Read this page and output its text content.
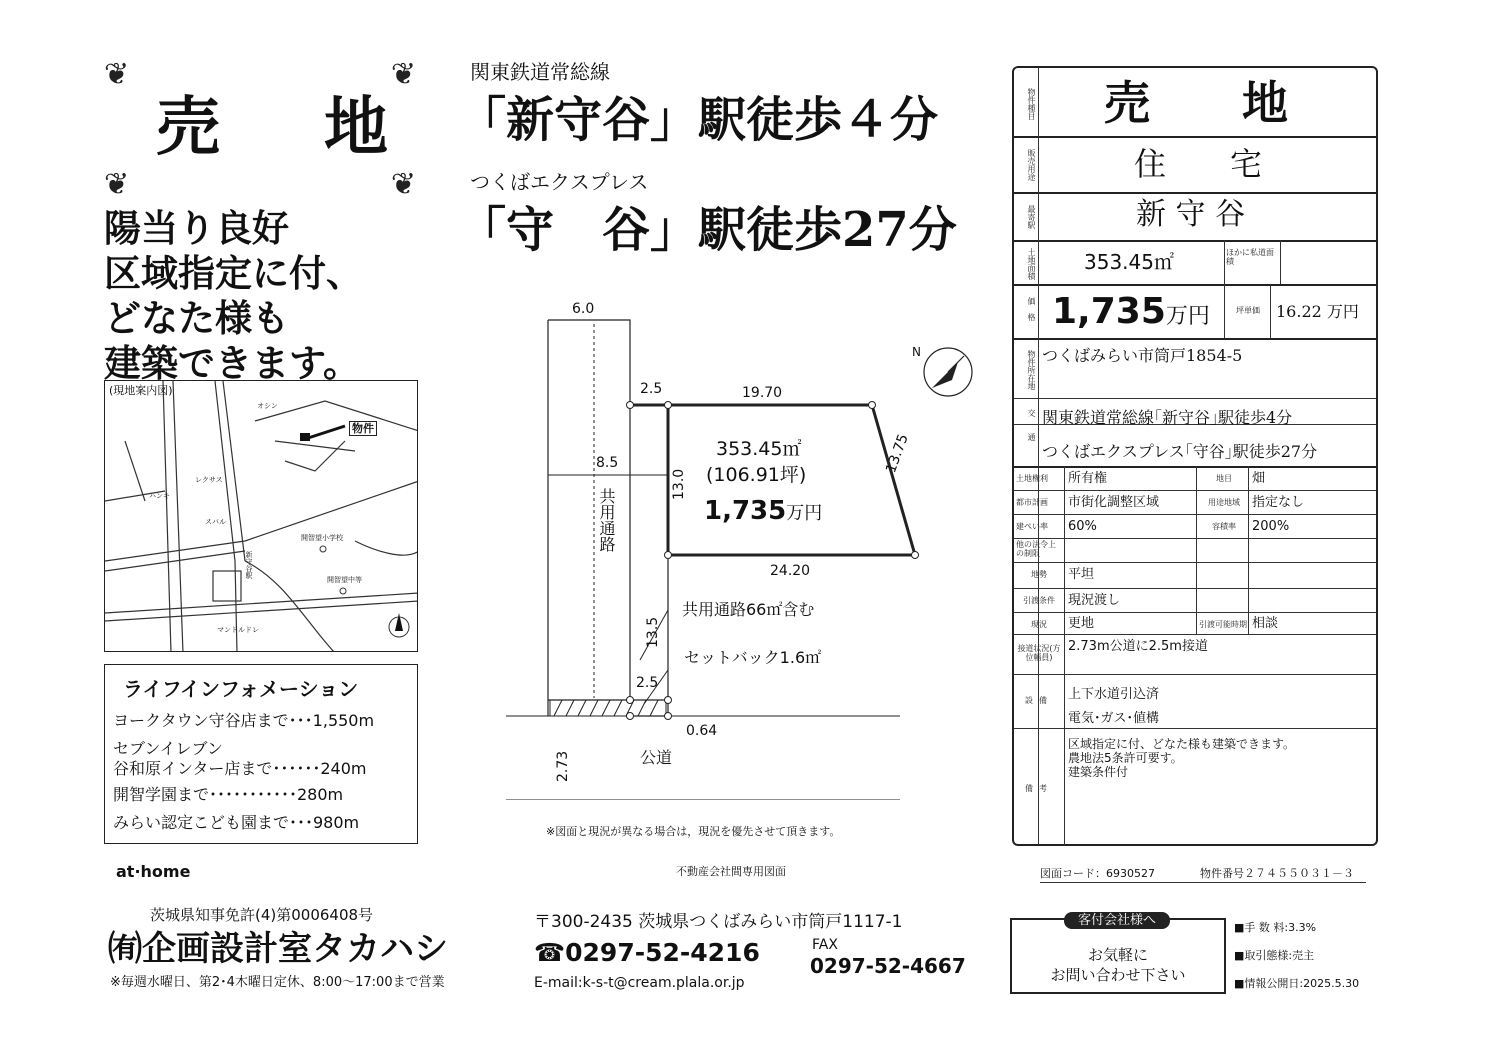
❦	❦
❦	❦
売　地
陽当り良好
区域指定に付、
どなた様も
建築できます。
(現地案内図)
物件
オシン
レクサス
スバル
ハンキ
開智望小学校
開智望中等
マンドルドレ
新守谷駅
ライフインフォメーション
ヨークタウン守谷店まで･･･1,550m
セブンイレブン
谷和原インター店まで･･････240m
開智学園まで･･･････････280m
みらい認定こども園まで･･･980m
関東鉄道常総線
「新守谷」駅徒歩４分
つくばエクスプレス
「守　谷」駅徒歩27分
N
6.0
2.5	19.70
13.75
13.0
8.5
24.20
13.5
2.5
0.64
2.73
353.45㎡
(106.91坪)
1,735万円
共用通路
共用通路66㎡含む
セットバック1.6㎡
公道
※図面と現況が異なる場合は，現況を優先させて頂きます。
不動産会社間専用図面
物件種目 売　　地
販売用途	住　　宅
最寄駅	新 守 谷
土地面積 353.45㎡	ほかに私道面積
価格 1,735万円	坪単価	16.22 万円
物件所在地 つくばみらい市筒戸1854-5
交通 関東鉄道常総線｢新守谷｣駅徒歩4分
つくばエクスプレス｢守谷｣駅徒歩27分
土地権利	所有権	地目	畑
都市計画	市街化調整区域	用途地域 指定なし
建ぺい率	60%	容積率	200%
他の法令上の制限
地勢	平坦
引渡条件	現況渡し
現況	更地	引渡可能時期 相談
接道状況(方位幅員)
2.73m公道に2.5m接道
設備	上下水道引込済
電気･ガス･値構
備考
区域指定に付、どなた様も建築できます。
農地法5条許可要す。
建築条件付
図面コード：6930527	物件番号２７４５５０３１－３
at·home
茨城県知事免許(4)第0006408号
㈲企画設計室タカハシ
※毎週水曜日、第2･4木曜日定休、8:00～17:00まで営業
〒300-2435 茨城県つくばみらい市筒戸1117-1
☎0297-52-4216	FAX
0297-52-4667
E-mail:k-s-t@cream.plala.or.jp
客付会社様へ
お気軽に
お問い合わせ下さい
■手 数 料:3.3%
■取引態様:売主
■情報公開日:2025.5.30
